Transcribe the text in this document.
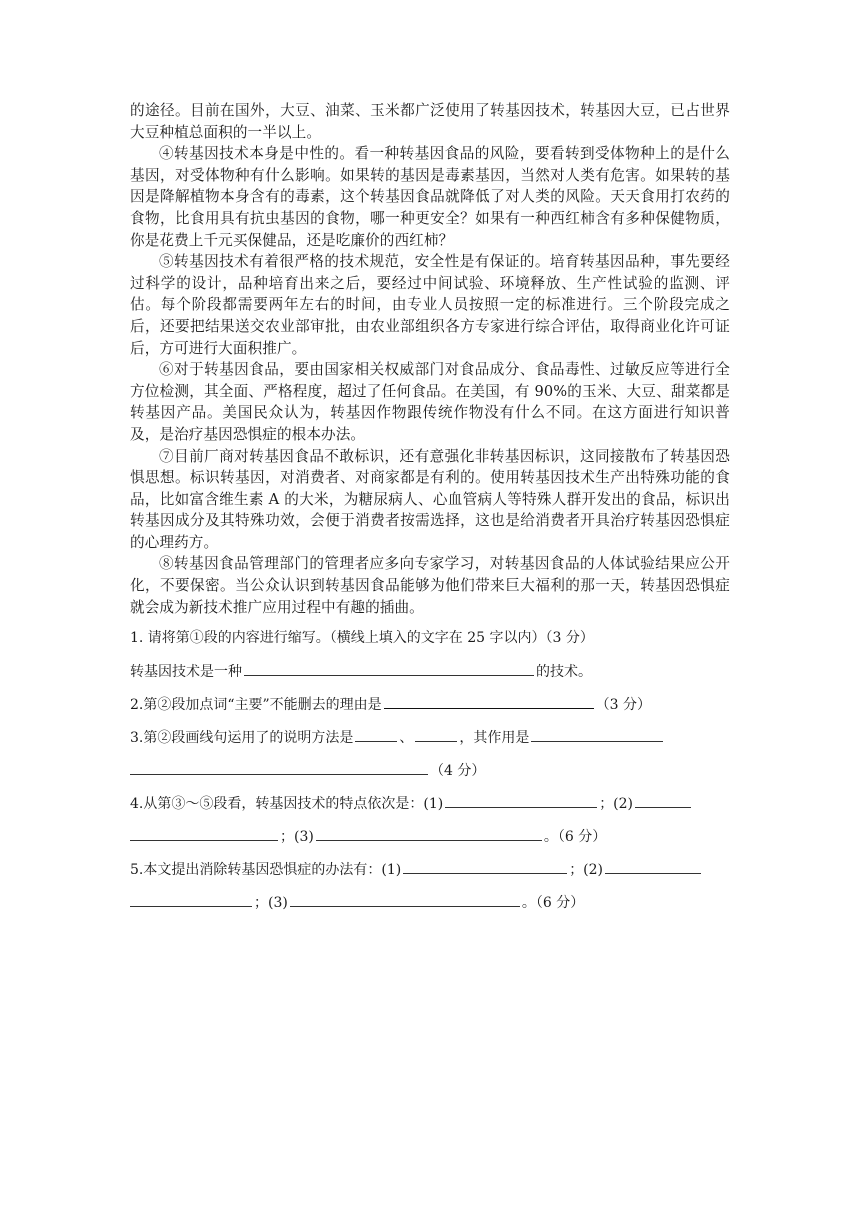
的途径。目前在国外，大豆、油菜、玉米都广泛使用了转基因技术，转基因大豆，已占世界大豆种植总面积的一半以上。

④转基因技术本身是中性的。看一种转基因食品的风险，要看转到受体物种上的是什么基因，对受体物种有什么影响。如果转的基因是毒素基因，当然对人类有危害。如果转的基因是降解植物本身含有的毒素，这个转基因食品就降低了对人类的风险。天天食用打农药的食物，比食用具有抗虫基因的食物，哪一种更安全？如果有一种西红柿含有多种保健物质，你是花费上千元买保健品，还是吃廉价的西红柿？

⑤转基因技术有着很严格的技术规范，安全性是有保证的。培育转基因品种，事先要经过科学的设计，品种培育出来之后，要经过中间试验、环境释放、生产性试验的监测、评估。每个阶段都需要两年左右的时间，由专业人员按照一定的标准进行。三个阶段完成之后，还要把结果送交农业部审批，由农业部组织各方专家进行综合评估，取得商业化许可证后，方可进行大面积推广。

⑥对于转基因食品，要由国家相关权威部门对食品成分、食品毒性、过敏反应等进行全方位检测，其全面、严格程度，超过了任何食品。在美国，有 90%的玉米、大豆、甜菜都是转基因产品。美国民众认为，转基因作物跟传统作物没有什么不同。在这方面进行知识普及，是治疗基因恐惧症的根本办法。

⑦目前厂商对转基因食品不敢标识，还有意强化非转基因标识，这同接散布了转基因恐惧思想。标识转基因，对消费者、对商家都是有利的。使用转基因技术生产出特殊功能的食品，比如富含维生素 A 的大米，为糖尿病人、心血管病人等特殊人群开发出的食品，标识出转基因成分及其特殊功效，会便于消费者按需选择，这也是给消费者开具治疗转基因恐惧症的心理药方。

⑧转基因食品管理部门的管理者应多向专家学习，对转基因食品的人体试验结果应公开化，不要保密。当公众认识到转基因食品能够为他们带来巨大福利的那一天，转基因恐惧症就会成为新技术推广应用过程中有趣的插曲。

1. 请将第①段的内容进行缩写。（横线上填入的文字在 25 字以内）（3 分）

转基因技术是一种	的技术。

2.第②段加点词“主要”不能删去的理由是	（3 分）

3.第②段画线句运用了的说明方法是	、	，其作用是

（4 分）

4.从第③～⑤段看，转基因技术的特点依次是：(1)	；(2)

；(3)	。（6 分）

5.本文提出消除转基因恐惧症的办法有：(1)	；(2)

；(3)	。（6 分）
